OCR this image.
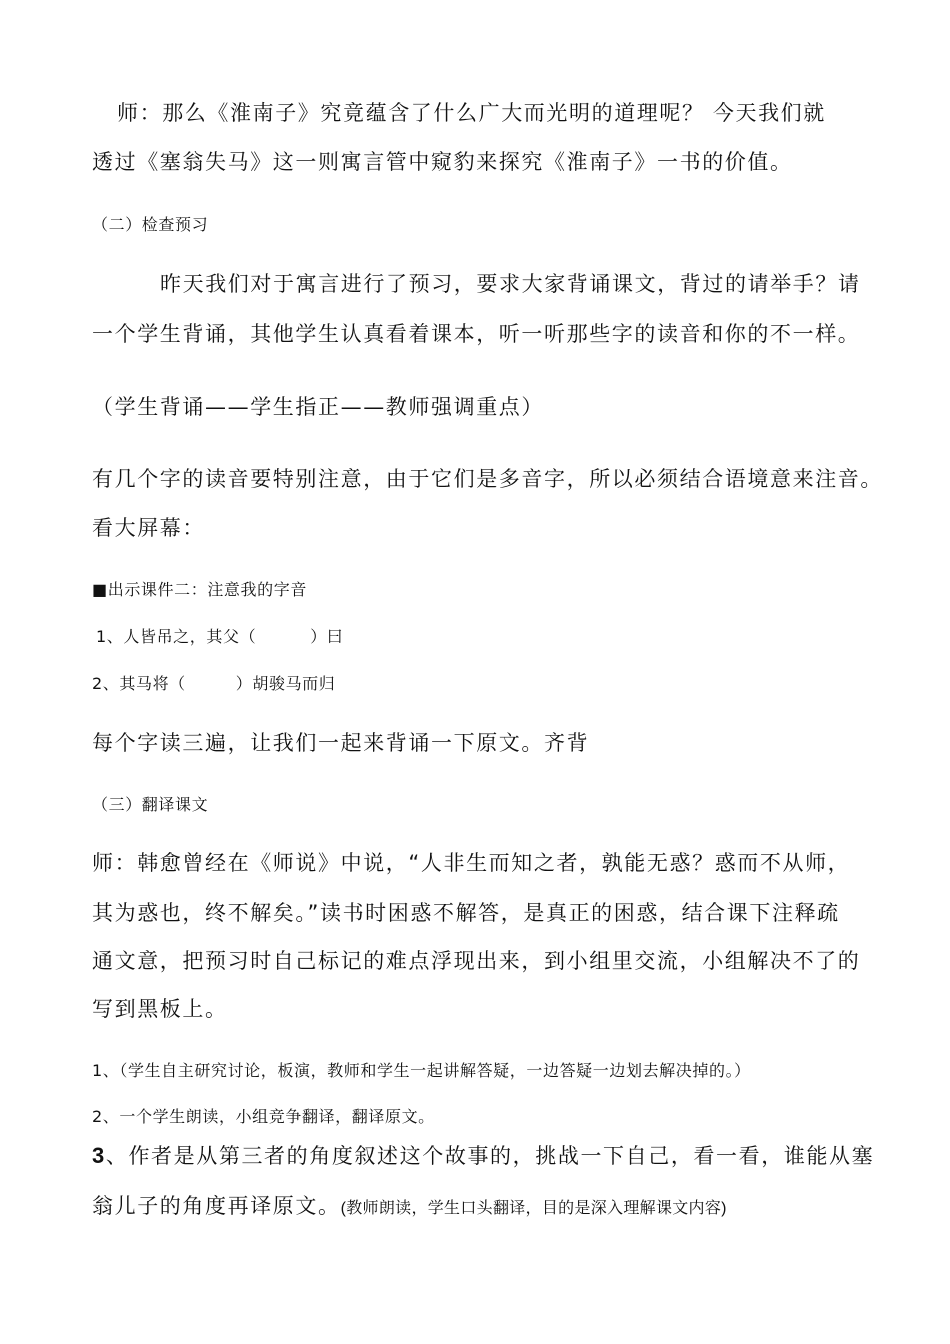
师：那么《淮南子》究竟蕴含了什么广大而光明的道理呢？ 今天我们就
透过《塞翁失马》这一则寓言管中窥豹来探究《淮南子》一书的价值。
（二）检查预习
昨天我们对于寓言进行了预习，要求大家背诵课文，背过的请举手？请
一个学生背诵，其他学生认真看着课本，听一听那些字的读音和你的不一样。
（学生背诵——学生指正——教师强调重点）
有几个字的读音要特别注意，由于它们是多音字，所以必须结合语境意来注音。
看大屏幕：
■出示课件二：注意我的字音
1、人皆吊之，其父（	）曰
2、其马将（	）胡骏马而归
每个字读三遍，让我们一起来背诵一下原文。齐背
（三）翻译课文
师：韩愈曾经在《师说》中说，“人非生而知之者，孰能无惑？惑而不从师，
其为惑也，终不解矣。”读书时困惑不解答，是真正的困惑，结合课下注释疏
通文意，把预习时自己标记的难点浮现出来，到小组里交流，小组解决不了的
写到黑板上。
1、（学生自主研究讨论，板演，教师和学生一起讲解答疑，一边答疑一边划去解决掉的。）
2、一个学生朗读，小组竞争翻译，翻译原文。
3、作者是从第三者的角度叙述这个故事的，挑战一下自己，看一看，谁能从塞
翁儿子的角度再译原文。(教师朗读，学生口头翻译，目的是深入理解课文内容)
